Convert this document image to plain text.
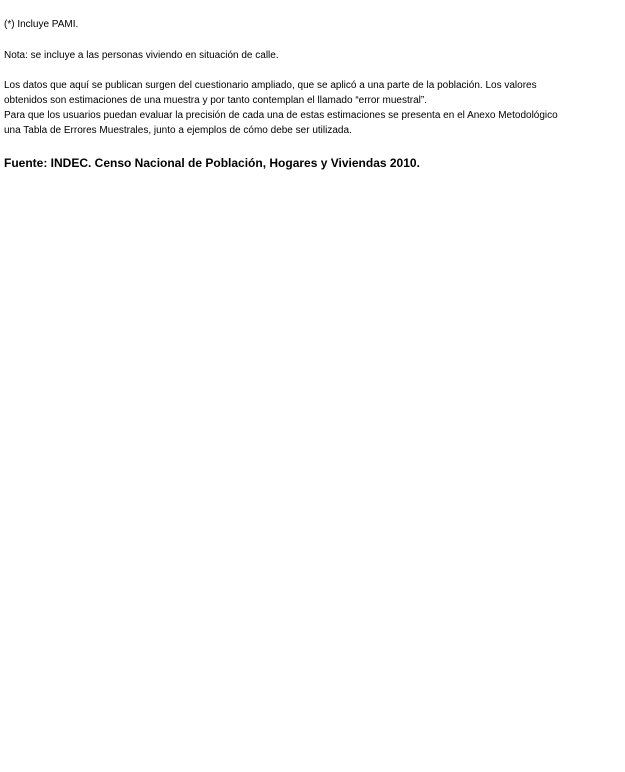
(*) Incluye PAMI.
Nota: se incluye a las personas viviendo en situación de calle.
Los datos que aquí se publican surgen del cuestionario ampliado, que se aplicó a una parte de la población. Los valores
obtenidos son estimaciones de una muestra y por tanto contemplan el llamado “error muestral”.
Para que los usuarios puedan evaluar la precisión de cada una de estas estimaciones se presenta en el Anexo Metodológico
una Tabla de Errores Muestrales, junto a ejemplos de cómo debe ser utilizada.
Fuente: INDEC. Censo Nacional de Población, Hogares y Viviendas 2010.
